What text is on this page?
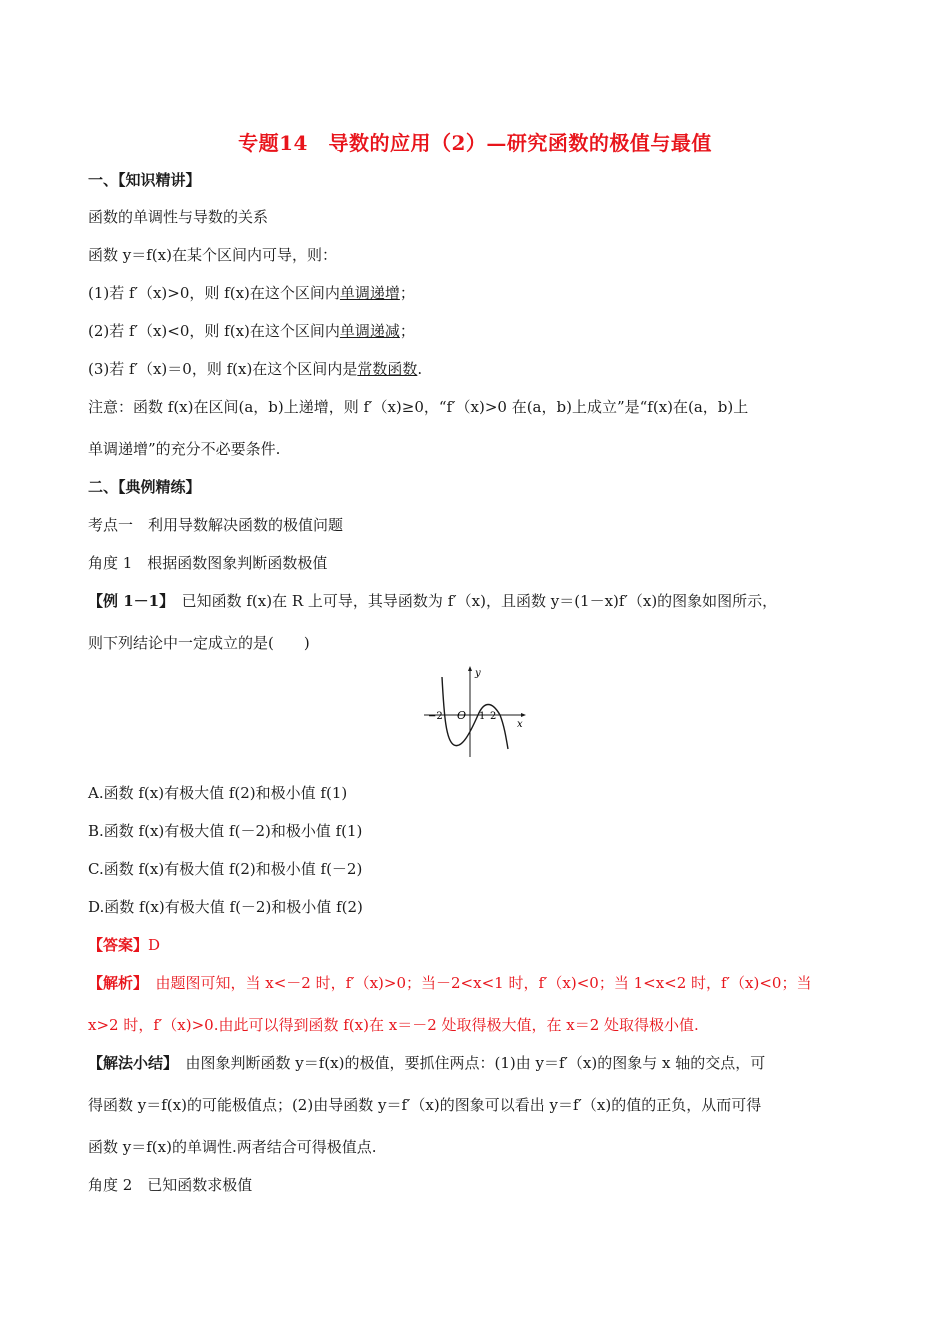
专题14　导数的应用（2）—研究函数的极值与最值
一、【知识精讲】
函数的单调性与导数的关系
函数 y＝f(x)在某个区间内可导，则：
(1)若 f′（x)>0，则 f(x)在这个区间内单调递增；
(2)若 f′（x)<0，则 f(x)在这个区间内单调递减；
(3)若 f′（x)＝0，则 f(x)在这个区间内是常数函数.
注意：函数 f(x)在区间(a，b)上递增，则 f′（x)≥0，“f′（x)>0 在(a，b)上成立”是“f(x)在(a，b)上
单调递增”的充分不必要条件.
二、【典例精练】
考点一　利用导数解决函数的极值问题
角度 1　根据函数图象判断函数极值
【例 1－1】　已知函数 f(x)在 R 上可导，其导函数为 f′（x)，且函数 y＝(1－x)f′（x)的图象如图所示，
则下列结论中一定成立的是(　　)
y
x
O
−2	1 2
A.函数 f(x)有极大值 f(2)和极小值 f(1)
B.函数 f(x)有极大值 f(－2)和极小值 f(1)
C.函数 f(x)有极大值 f(2)和极小值 f(－2)
D.函数 f(x)有极大值 f(－2)和极小值 f(2)
【答案】D
【解析】　由题图可知，当 x<－2 时，f′（x)>0；当－2<x<1 时，f′（x)<0；当 1<x<2 时，f′（x)<0；当
x>2 时，f′（x)>0.由此可以得到函数 f(x)在 x＝－2 处取得极大值，在 x＝2 处取得极小值.
【解法小结】　由图象判断函数 y＝f(x)的极值，要抓住两点：(1)由 y＝f′（x)的图象与 x 轴的交点，可
得函数 y＝f(x)的可能极值点；(2)由导函数 y＝f′（x)的图象可以看出 y＝f′（x)的值的正负，从而可得
函数 y＝f(x)的单调性.两者结合可得极值点.
角度 2　已知函数求极值
